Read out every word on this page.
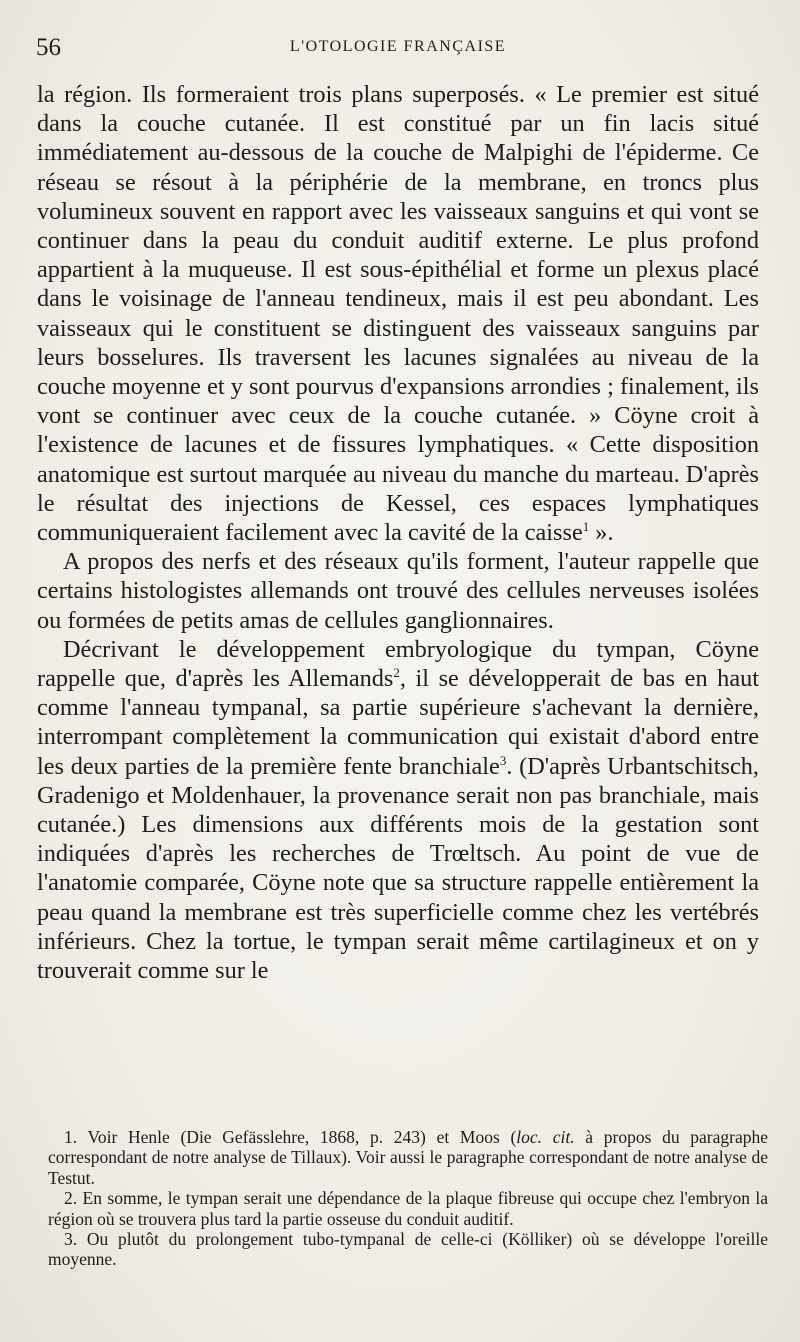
56	L'OTOLOGIE FRANÇAISE

la région. Ils formeraient trois plans superposés. « Le premier est situé dans la couche cutanée. Il est constitué par un fin lacis situé immédiatement au-dessous de la couche de Malpighi de l'épiderme. Ce réseau se résout à la périphérie de la membrane, en troncs plus volumineux souvent en rapport avec les vaisseaux sanguins et qui vont se continuer dans la peau du conduit auditif externe. Le plus profond appartient à la muqueuse. Il est sous-épithélial et forme un plexus placé dans le voisinage de l'anneau tendineux, mais il est peu abondant. Les vaisseaux qui le constituent se distinguent des vaisseaux sanguins par leurs bosselures. Ils traversent les lacunes signalées au niveau de la couche moyenne et y sont pourvus d'expansions arrondies ; finalement, ils vont se continuer avec ceux de la couche cutanée. » Cöyne croit à l'existence de lacunes et de fissures lymphatiques. « Cette disposition anatomique est surtout marquée au niveau du manche du marteau. D'après le résultat des injections de Kessel, ces espaces lymphatiques communiqueraient facilement avec la cavité de la caisse$^1$ ».

A propos des nerfs et des réseaux qu'ils forment, l'auteur rappelle que certains histologistes allemands ont trouvé des cellules nerveuses isolées ou formées de petits amas de cellules ganglionnaires.

Décrivant le développement embryologique du tympan, Cöyne rappelle que, d'après les Allemands$^2$, il se développerait de bas en haut comme l'anneau tympanal, sa partie supérieure s'achevant la dernière, interrompant complètement la communication qui existait d'abord entre les deux parties de la première fente branchiale$^3$. (D'après Urbantschitsch, Gradenigo et Moldenhauer, la provenance serait non pas branchiale, mais cutanée.) Les dimensions aux différents mois de la gestation sont indiquées d'après les recherches de Trœltsch. Au point de vue de l'anatomie comparée, Cöyne note que sa structure rappelle entièrement la peau quand la membrane est très superficielle comme chez les vertébrés inférieurs. Chez la tortue, le tympan serait même cartilagineux et on y trouverait comme sur le

1. Voir Henle (Die Gefässlehre, 1868, p. 243) et Moos (loc. cit. à propos du paragraphe correspondant de notre analyse de Tillaux). Voir aussi le paragraphe correspondant de notre analyse de Testut.

2. En somme, le tympan serait une dépendance de la plaque fibreuse qui occupe chez l'embryon la région où se trouvera plus tard la partie osseuse du conduit auditif.

3. Ou plutôt du prolongement tubo-tympanal de celle-ci (Kölliker) où se développe l'oreille moyenne.
